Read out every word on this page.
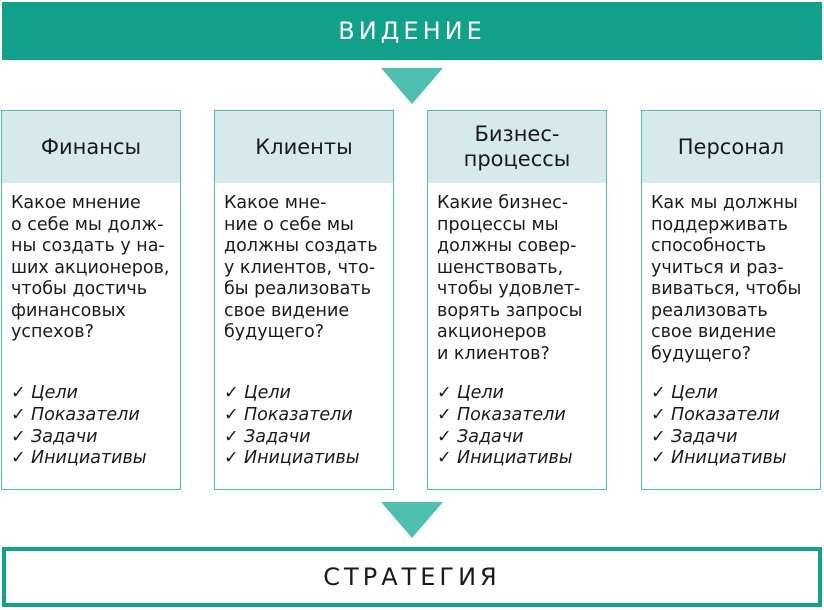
ВИДЕНИЕ
Финансы
Какое мнение
о себе мы долж-
ны создать у на-
ших акционеров,
чтобы достичь
финансовых
успехов?
✓ Цели
✓ Показатели
✓ Задачи
✓ Инициативы
Клиенты
Какое мне-
ние о себе мы
должны создать
у клиентов, что-
бы реализовать
свое видение
будущего?
✓ Цели
✓ Показатели
✓ Задачи
✓ Инициативы
Бизнес-
процессы
Какие бизнес-
процессы мы
должны совер-
шенствовать,
чтобы удовлет-
ворять запросы
акционеров
и клиентов?
✓ Цели
✓ Показатели
✓ Задачи
✓ Инициативы
Персонал
Как мы должны
поддерживать
способность
учиться и раз-
виваться, чтобы
реализовать
свое видение
будущего?
✓ Цели
✓ Показатели
✓ Задачи
✓ Инициативы
СТРАТЕГИЯ
